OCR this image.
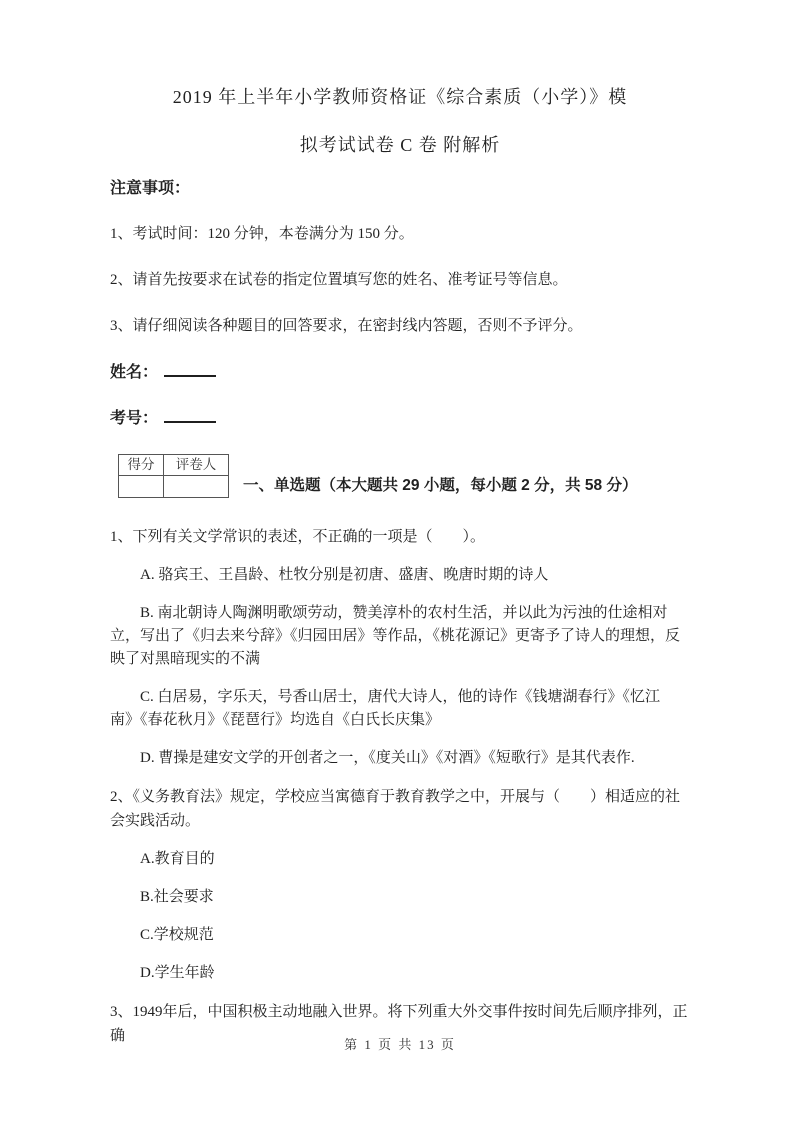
2019 年上半年小学教师资格证《综合素质（小学）》模
拟考试试卷 C 卷 附解析
注意事项：

1、考试时间：120 分钟，本卷满分为 150 分。

2、请首先按要求在试卷的指定位置填写您的姓名、准考证号等信息。

3、请仔细阅读各种题目的回答要求，在密封线内答题，否则不予评分。

姓名：
考号：
得分	评卷人

一、单选题（本大题共 29 小题，每小题 2 分，共 58 分）

1、下列有关文学常识的表述，不正确的一项是（　　）。

A. 骆宾王、王昌龄、杜牧分别是初唐、盛唐、晚唐时期的诗人

B. 南北朝诗人陶渊明歌颂劳动，赞美淳朴的农村生活，并以此为污浊的仕途相对立，写出了《归去来兮辞》《归园田居》等作品，《桃花源记》更寄予了诗人的理想，反映了对黑暗现实的不满

C. 白居易，字乐天，号香山居士，唐代大诗人，他的诗作《钱塘湖春行》《忆江南》《春花秋月》《琵琶行》均选自《白氏长庆集》

D. 曹操是建安文学的开创者之一，《度关山》《对酒》《短歌行》是其代表作.

2、《义务教育法》规定，学校应当寓德育于教育教学之中，开展与（　　）相适应的社会实践活动。

A.教育目的

B.社会要求

C.学校规范

D.学生年龄

3、1949年后，中国积极主动地融入世界。将下列重大外交事件按时间先后顺序排列，正确

第 1 页 共 13 页
